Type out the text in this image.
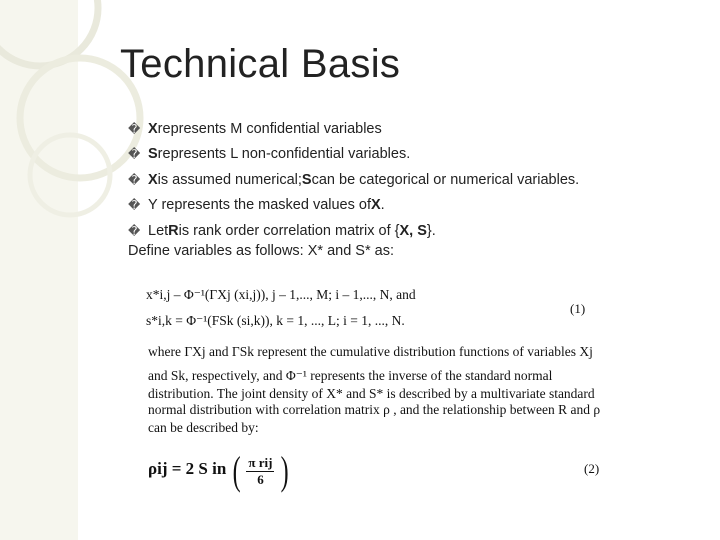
Technical Basis
� X represents M confidential variables
� S represents L non-confidential variables.
� X is assumed numerical; S can be categorical or numerical variables.
� Y represents the masked values of X .
� Let R is rank order correlation matrix of { X, S }.
Define variables as follows: X* and S* as:
x*i,j – Φ⁻¹(ΓXj (xi,j)), j – 1,..., M; i – 1,..., N, and
s*i,k = Φ⁻¹(FSk (si,k)), k = 1, ..., L; i = 1, ..., N.
(1)
where ΓXj and ΓSk represent the cumulative distribution functions of variables Xj
and Sk, respectively, and Φ⁻¹ represents the inverse of the standard normal
distribution. The joint density of X* and S* is described by a multivariate standard
normal distribution with correlation matrix ρ , and the relationship between R and ρ
can be described by:
ρij = 2 S in ( $\frac{\text{π rij}}{6}$ )	(2)
